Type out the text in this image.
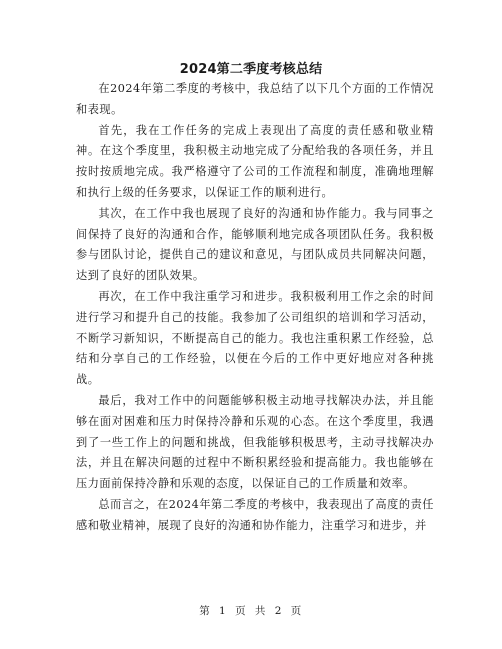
2024第二季度考核总结

在2024年第二季度的考核中，我总结了以下几个方面的工作情况和表现。

首先，我在工作任务的完成上表现出了高度的责任感和敬业精神。在这个季度里，我积极主动地完成了分配给我的各项任务，并且按时按质地完成。我严格遵守了公司的工作流程和制度，准确地理解和执行上级的任务要求，以保证工作的顺利进行。

其次，在工作中我也展现了良好的沟通和协作能力。我与同事之间保持了良好的沟通和合作，能够顺利地完成各项团队任务。我积极参与团队讨论，提供自己的建议和意见，与团队成员共同解决问题，达到了良好的团队效果。

再次，在工作中我注重学习和进步。我积极利用工作之余的时间进行学习和提升自己的技能。我参加了公司组织的培训和学习活动，不断学习新知识，不断提高自己的能力。我也注重积累工作经验，总结和分享自己的工作经验，以便在今后的工作中更好地应对各种挑战。

最后，我对工作中的问题能够积极主动地寻找解决办法，并且能够在面对困难和压力时保持冷静和乐观的心态。在这个季度里，我遇到了一些工作上的问题和挑战，但我能够积极思考，主动寻找解决办法，并且在解决问题的过程中不断积累经验和提高能力。我也能够在压力面前保持冷静和乐观的态度，以保证自己的工作质量和效率。

总而言之，在2024年第二季度的考核中，我表现出了高度的责任感和敬业精神，展现了良好的沟通和协作能力，注重学习和进步，并

第 1 页 共 2 页
